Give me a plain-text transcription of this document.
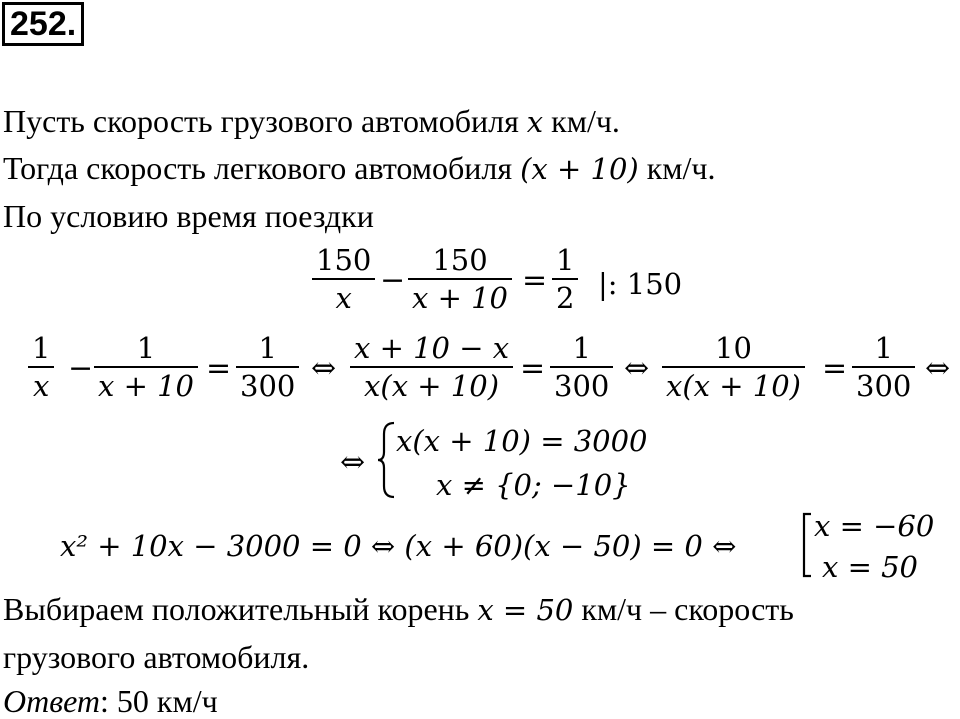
252.
Пусть скорость грузового автомобиля x км/ч.
Тогда скорость легкового автомобиля (x + 10) км/ч.
По условию время поездки
150
x −
150
x + 10 =
1
2 |: 150
1
x −
1
x + 10 =
1
300 ⇔
x + 10 − x
x(x + 10) =
1
300 ⇔
10
x(x + 10) =
1
300 ⇔
⇔
x(x + 10) = 3000
x ≠ {0; −10}
x² + 10x − 3000 = 0 ⇔ (x + 60)(x − 50) = 0 ⇔
x = −60
x = 50
Выбираем положительный корень x = 50 км/ч – скорость
грузового автомобиля.
Ответ: 50 км/ч
